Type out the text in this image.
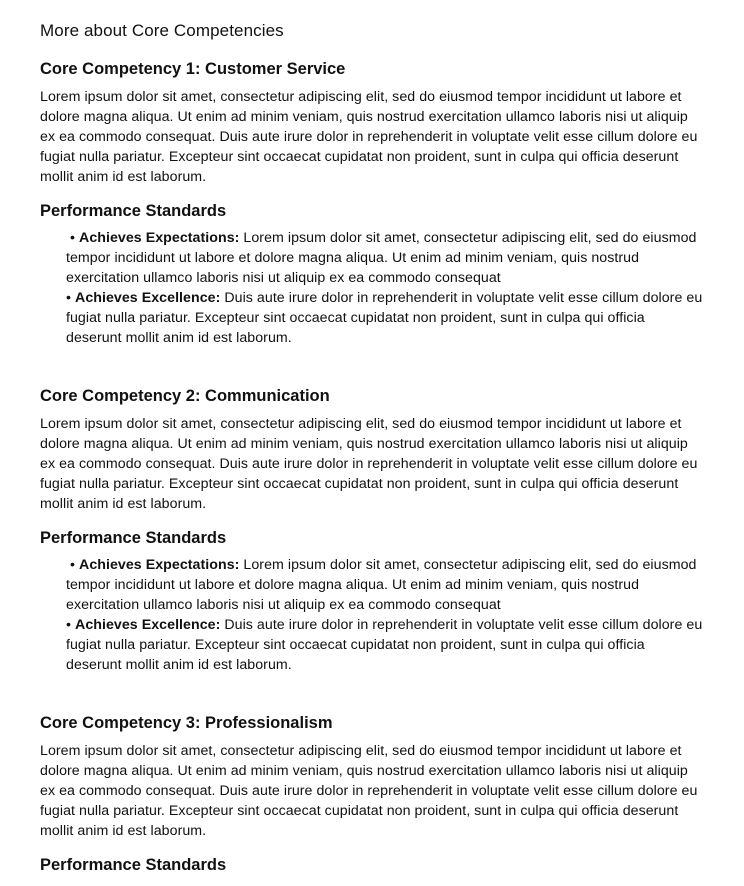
More about Core Competencies
Core Competency 1: Customer Service

Lorem ipsum dolor sit amet, consectetur adipiscing elit, sed do eiusmod tempor incididunt ut labore et dolore magna aliqua. Ut enim ad minim veniam, quis nostrud exercitation ullamco laboris nisi ut aliquip ex ea commodo consequat. Duis aute irure dolor in reprehenderit in voluptate velit esse cillum dolore eu fugiat nulla pariatur. Excepteur sint occaecat cupidatat non proident, sunt in culpa qui officia deserunt mollit anim id est laborum.

Performance Standards
• Achieves Expectations: Lorem ipsum dolor sit amet, consectetur adipiscing elit, sed do eiusmod tempor incididunt ut labore et dolore magna aliqua. Ut enim ad minim veniam, quis nostrud exercitation ullamco laboris nisi ut aliquip ex ea commodo consequat
• Achieves Excellence: Duis aute irure dolor in reprehenderit in voluptate velit esse cillum dolore eu fugiat nulla pariatur. Excepteur sint occaecat cupidatat non proident, sunt in culpa qui officia deserunt mollit anim id est laborum.
Core Competency 2: Communication

Lorem ipsum dolor sit amet, consectetur adipiscing elit, sed do eiusmod tempor incididunt ut labore et dolore magna aliqua. Ut enim ad minim veniam, quis nostrud exercitation ullamco laboris nisi ut aliquip ex ea commodo consequat. Duis aute irure dolor in reprehenderit in voluptate velit esse cillum dolore eu fugiat nulla pariatur. Excepteur sint occaecat cupidatat non proident, sunt in culpa qui officia deserunt mollit anim id est laborum.

Performance Standards
• Achieves Expectations: Lorem ipsum dolor sit amet, consectetur adipiscing elit, sed do eiusmod tempor incididunt ut labore et dolore magna aliqua. Ut enim ad minim veniam, quis nostrud exercitation ullamco laboris nisi ut aliquip ex ea commodo consequat
• Achieves Excellence: Duis aute irure dolor in reprehenderit in voluptate velit esse cillum dolore eu fugiat nulla pariatur. Excepteur sint occaecat cupidatat non proident, sunt in culpa qui officia deserunt mollit anim id est laborum.
Core Competency 3: Professionalism

Lorem ipsum dolor sit amet, consectetur adipiscing elit, sed do eiusmod tempor incididunt ut labore et dolore magna aliqua. Ut enim ad minim veniam, quis nostrud exercitation ullamco laboris nisi ut aliquip ex ea commodo consequat. Duis aute irure dolor in reprehenderit in voluptate velit esse cillum dolore eu fugiat nulla pariatur. Excepteur sint occaecat cupidatat non proident, sunt in culpa qui officia deserunt mollit anim id est laborum.

Performance Standards
